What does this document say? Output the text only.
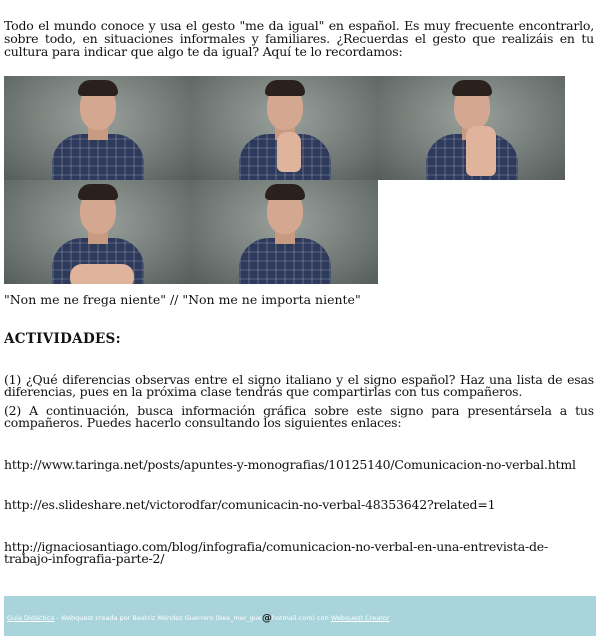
Todo el mundo conoce y usa el gesto "me da igual" en español. Es muy frecuente encontrarlo, sobre todo, en situaciones informales y familiares. ¿Recuerdas el gesto que realizáis en tu cultura para indicar que algo te da igual? Aquí te lo recordamos:

"Non me ne frega niente" // "Non me ne importa niente"
ACTIVIDADES:
(1) ¿Qué diferencias observas entre el signo italiano y el signo español? Haz una lista de esas diferencias, pues en la próxima clase tendrás que compartirlas con tus compañeros.
(2) A continuación, busca información gráfica sobre este signo para presentársela a tus compañeros. Puedes hacerlo consultando los siguientes enlaces:
http://www.taringa.net/posts/apuntes-y-monografias/10125140/Comunicacion-no-verbal.html
http://es.slideshare.net/victorodfar/comunicacin-no-verbal-48353642?related=1
http://ignaciosantiago.com/blog/infografia/comunicacion-no-verbal-en-una-entrevista-de-trabajo-infografia-parte-2/
Guía Didáctica - Webquest creada por Beatriz Méndez Guerrero (bea_mer_gue@hotmail.com) con Webquest Creator
